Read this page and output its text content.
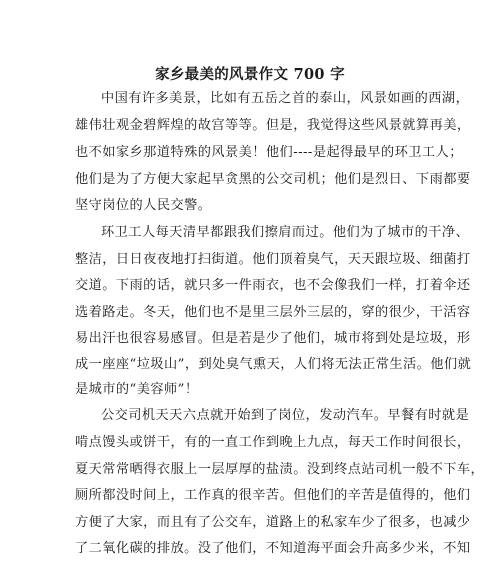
家乡最美的风景作文 700 字
中国有许多美景，比如有五岳之首的泰山，风景如画的西湖，
雄伟壮观金碧辉煌的故宫等等。但是，我觉得这些风景就算再美，
也不如家乡那道特殊的风景美！他们----是起得最早的环卫工人；
他们是为了方便大家起早贪黑的公交司机；他们是烈日、下雨都要
坚守岗位的人民交警。
环卫工人每天清早都跟我们擦肩而过。他们为了城市的干净、
整洁，日日夜夜地打扫街道。他们顶着臭气，天天跟垃圾、细菌打
交道。下雨的话，就只多一件雨衣，也不会像我们一样，打着伞还
选着路走。冬天，他们也不是里三层外三层的，穿的很少，干活容
易出汗也很容易感冒。但是若是少了他们，城市将到处是垃圾，形
成一座座“垃圾山”，到处臭气熏天，人们将无法正常生活。他们就
是城市的“美容师”！
公交司机天天六点就开始到了岗位，发动汽车。早餐有时就是
啃点馒头或饼干，有的一直工作到晚上九点，每天工作时间很长，
夏天常常晒得衣服上一层厚厚的盐渍。没到终点站司机一般不下车，
厕所都没时间上，工作真的很辛苦。但他们的辛苦是值得的，他们
方便了大家，而且有了公交车，道路上的私家车少了很多，也减少
了二氧化碳的排放。没了他们，不知道海平面会升高多少米，不知
